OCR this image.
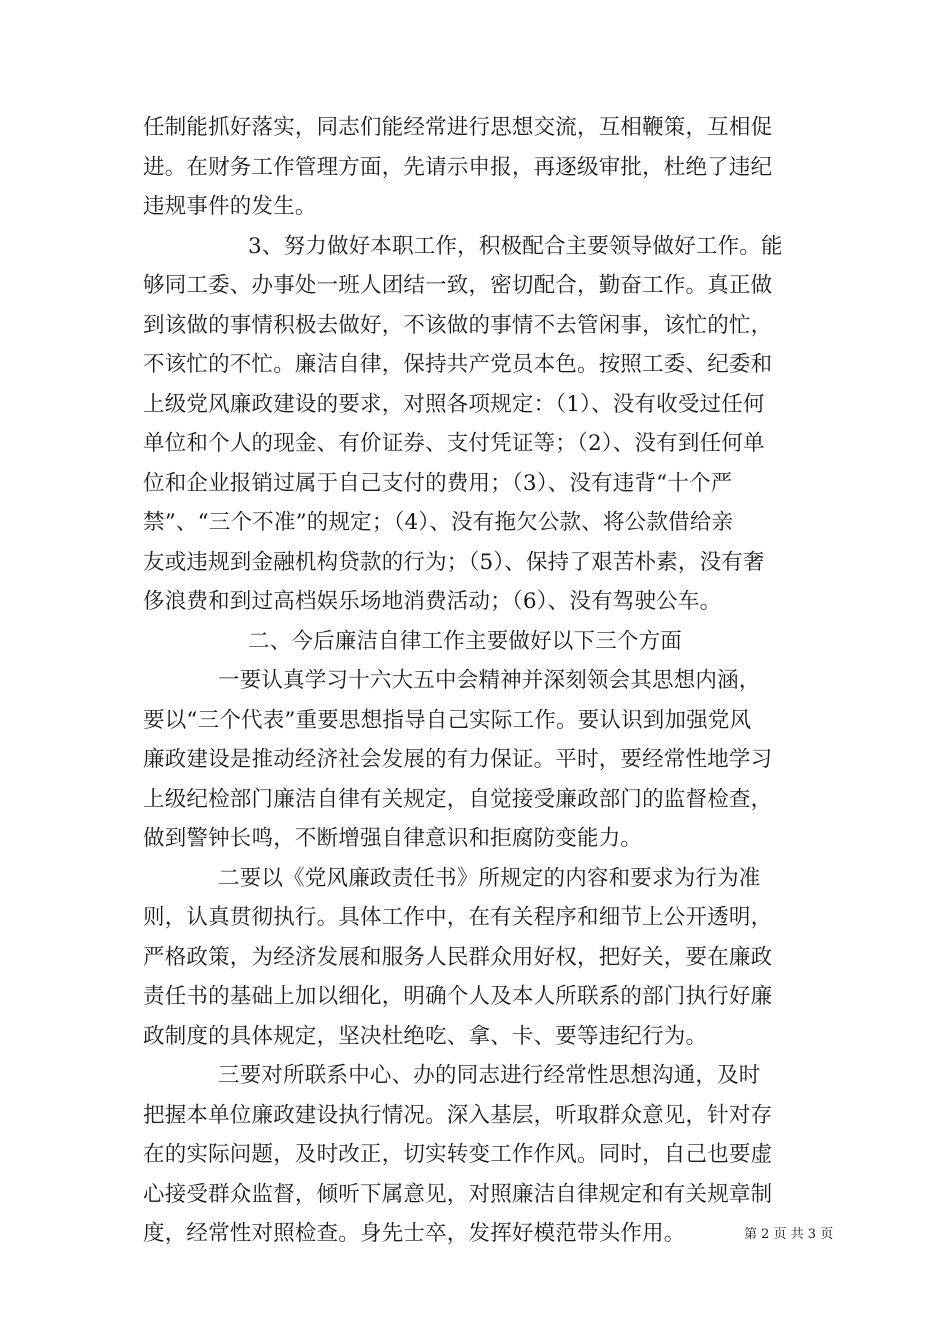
任制能抓好落实，同志们能经常进行思想交流，互相鞭策，互相促
进。在财务工作管理方面，先请示申报，再逐级审批，杜绝了违纪
违规事件的发生。
3、努力做好本职工作，积极配合主要领导做好工作。能
够同工委、办事处一班人团结一致，密切配合，勤奋工作。真正做
到该做的事情积极去做好，不该做的事情不去管闲事，该忙的忙，
不该忙的不忙。廉洁自律，保持共产党员本色。按照工委、纪委和
上级党风廉政建设的要求，对照各项规定：（1）、没有收受过任何
单位和个人的现金、有价证券、支付凭证等；（2）、没有到任何单
位和企业报销过属于自己支付的费用；（3）、没有违背“十个严
禁”、“三个不准”的规定；（4）、没有拖欠公款、将公款借给亲
友或违规到金融机构贷款的行为；（5）、保持了艰苦朴素，没有奢
侈浪费和到过高档娱乐场地消费活动；（6）、没有驾驶公车。
二、今后廉洁自律工作主要做好以下三个方面
一要认真学习十六大五中会精神并深刻领会其思想内涵，
要以“三个代表”重要思想指导自己实际工作。要认识到加强党风
廉政建设是推动经济社会发展的有力保证。平时，要经常性地学习
上级纪检部门廉洁自律有关规定，自觉接受廉政部门的监督检查，
做到警钟长鸣，不断增强自律意识和拒腐防变能力。
二要以《党风廉政责任书》所规定的内容和要求为行为准
则，认真贯彻执行。具体工作中，在有关程序和细节上公开透明，
严格政策，为经济发展和服务人民群众用好权，把好关，要在廉政
责任书的基础上加以细化，明确个人及本人所联系的部门执行好廉
政制度的具体规定，坚决杜绝吃、拿、卡、要等违纪行为。
三要对所联系中心、办的同志进行经常性思想沟通，及时
把握本单位廉政建设执行情况。深入基层，听取群众意见，针对存
在的实际问题，及时改正，切实转变工作作风。同时，自己也要虚
心接受群众监督，倾听下属意见，对照廉洁自律规定和有关规章制
度，经常性对照检查。身先士卒，发挥好模范带头作用。	第 2 页 共 3 页
